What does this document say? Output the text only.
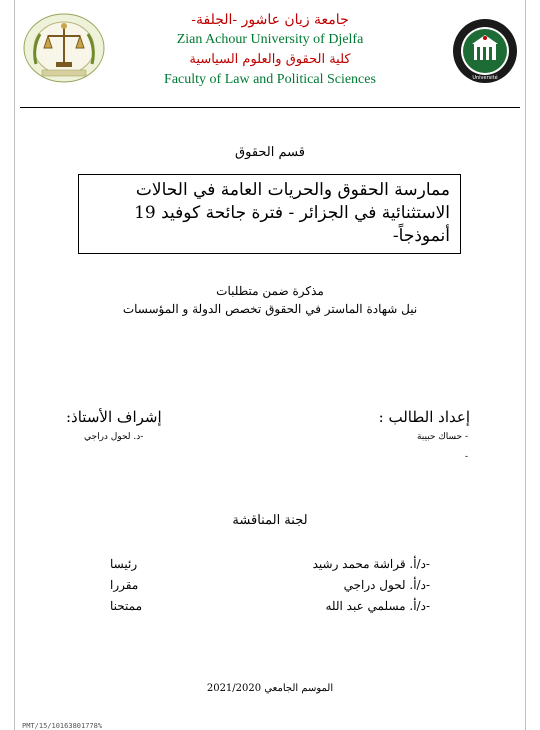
Université
جامعة زيان عاشور -الجلفة-
Zian Achour University of Djelfa
كلية الحقوق والعلوم السياسية
Faculty of Law and Political Sciences
قسم الحقوق
ممارسة الحقوق والحريات العامة في الحالات الاستثنائية في الجزائر - فترة جائحة كوفيد 19 أنموذجاً-
مذكرة ضمن متطلبات
نيل شهادة الماستر في الحقوق تخصص الدولة و المؤسسات
إعداد الطالب :
- حساك حبيبة
-
إشراف الأستاذ:
-د. لحول دراجي
لجنة المناقشة
-د/أ. قراشة محمد رشيد
رئيسا
-د/أ. لحول دراجي
مقررا
-د/أ. مسلمي عبد الله
ممتحنا
الموسم الجامعي 2021/2020
PMT/15/10163801778%
